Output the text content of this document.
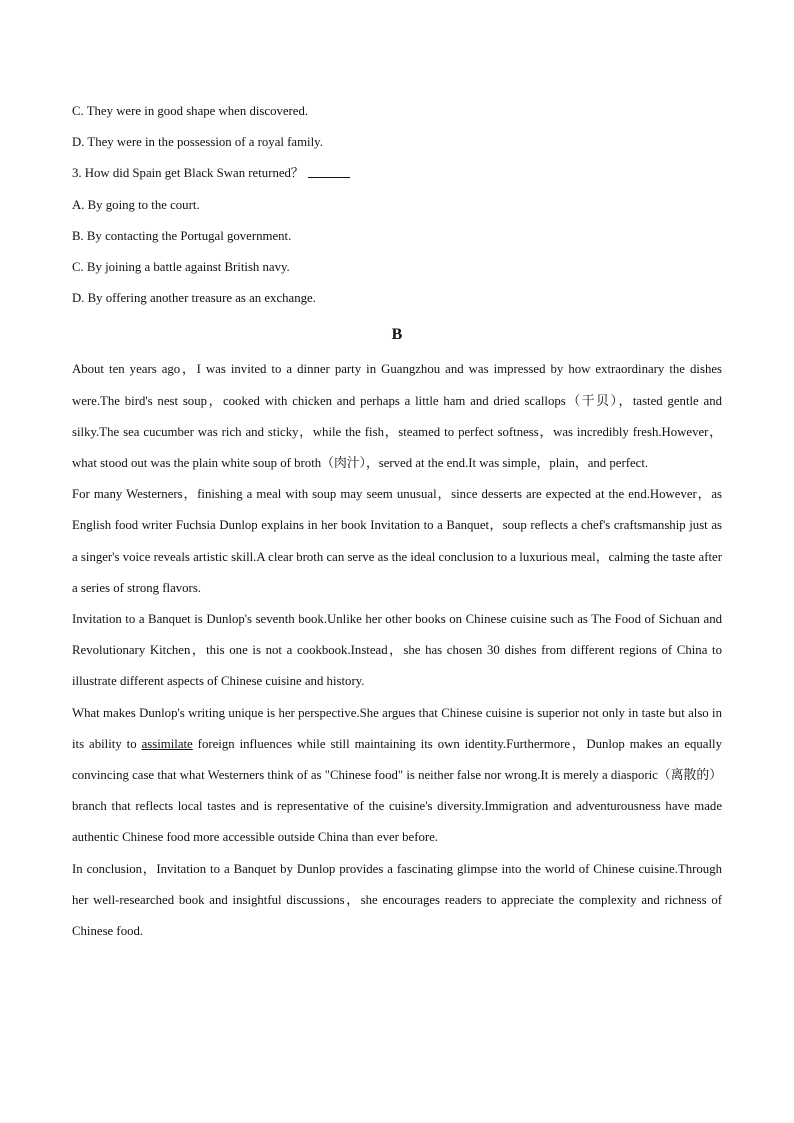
C. They were in good shape when discovered.
D. They were in the possession of a royal family.
3. How did Spain get Black Swan returned？
A. By going to the court.
B. By contacting the Portugal government.
C. By joining a battle against British navy.
D. By offering another treasure as an exchange.
B
About ten years ago，I was invited to a dinner party in Guangzhou and was impressed by how extraordinary the dishes were.The bird's nest soup，cooked with chicken and perhaps a little ham and dried scallops（干贝），tasted gentle and silky.The sea cucumber was rich and sticky，while the fish，steamed to perfect softness，was incredibly fresh.However，what stood out was the plain white soup of broth（肉汁），served at the end.It was simple，plain，and perfect.
For many Westerners，finishing a meal with soup may seem unusual，since desserts are expected at the end.However，as English food writer Fuchsia Dunlop explains in her book Invitation to a Banquet，soup reflects a chef's craftsmanship just as a singer's voice reveals artistic skill.A clear broth can serve as the ideal conclusion to a luxurious meal，calming the taste after a series of strong flavors.
Invitation to a Banquet is Dunlop's seventh book.Unlike her other books on Chinese cuisine such as The Food of Sichuan and Revolutionary Kitchen，this one is not a cookbook.Instead，she has chosen 30 dishes from different regions of China to illustrate different aspects of Chinese cuisine and history.
What makes Dunlop's writing unique is her perspective.She argues that Chinese cuisine is superior not only in taste but also in its ability to assimilate foreign influences while still maintaining its own identity.Furthermore，Dunlop makes an equally convincing case that what Westerners think of as "Chinese food" is neither false nor wrong.It is merely a diasporic（离散的）branch that reflects local tastes and is representative of the cuisine's diversity.Immigration and adventurousness have made authentic Chinese food more accessible outside China than ever before.
In conclusion，Invitation to a Banquet by Dunlop provides a fascinating glimpse into the world of Chinese cuisine.Through her well-researched book and insightful discussions，she encourages readers to appreciate the complexity and richness of Chinese food.
